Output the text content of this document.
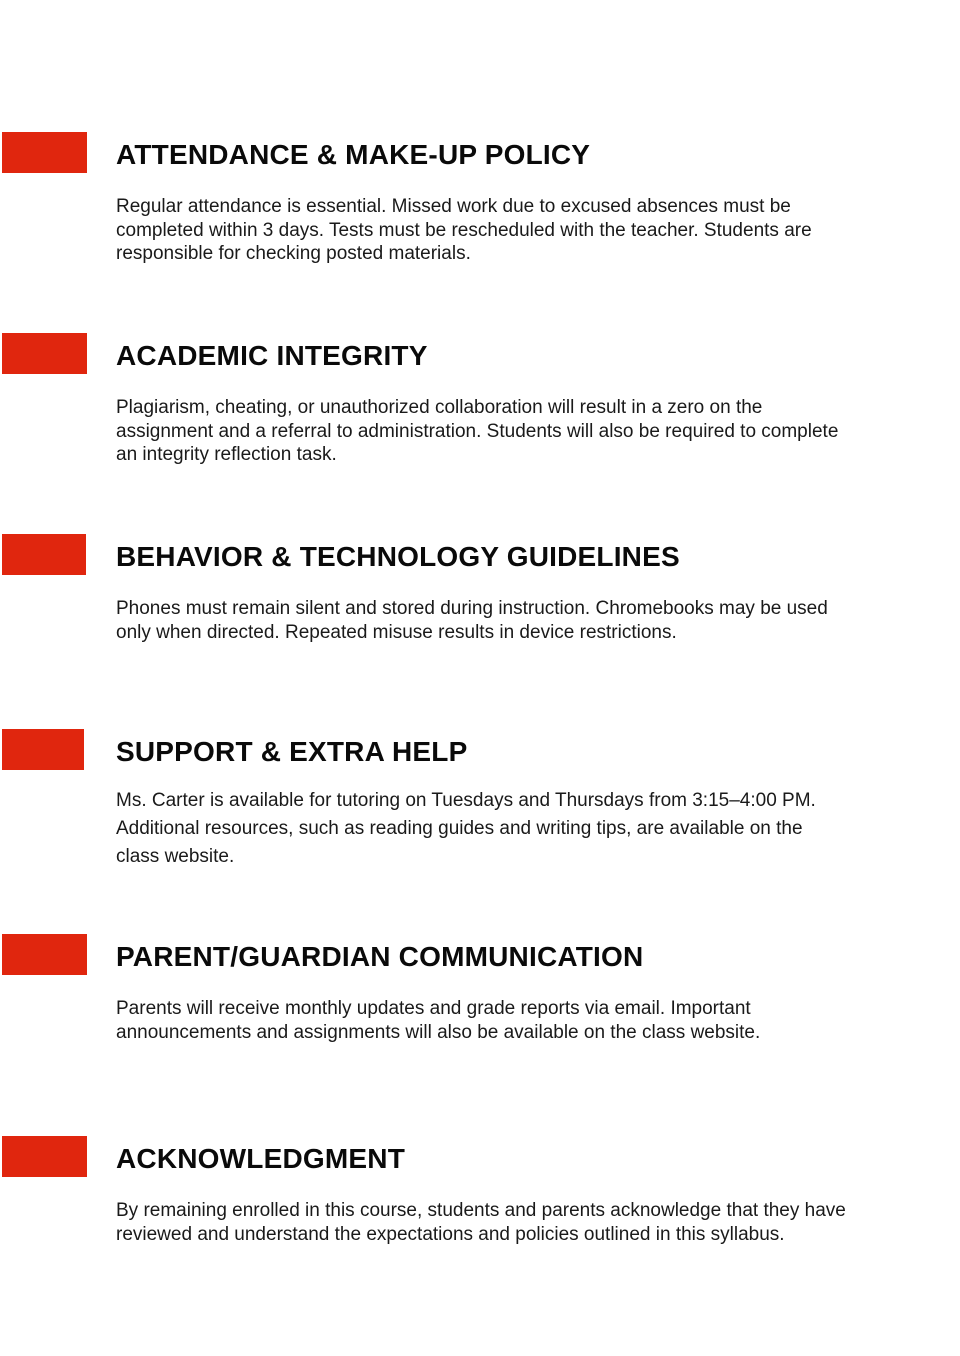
ATTENDANCE & MAKE-UP POLICY

Regular attendance is essential. Missed work due to excused absences must be completed within 3 days. Tests must be rescheduled with the teacher. Students are responsible for checking posted materials.

ACADEMIC INTEGRITY

Plagiarism, cheating, or unauthorized collaboration will result in a zero on the assignment and a referral to administration. Students will also be required to complete an integrity reflection task.

BEHAVIOR & TECHNOLOGY GUIDELINES

Phones must remain silent and stored during instruction. Chromebooks may be used only when directed. Repeated misuse results in device restrictions.

SUPPORT & EXTRA HELP

Ms. Carter is available for tutoring on Tuesdays and Thursdays from 3:15–4:00 PM. Additional resources, such as reading guides and writing tips, are available on the class website.

PARENT/GUARDIAN COMMUNICATION

Parents will receive monthly updates and grade reports via email. Important announcements and assignments will also be available on the class website.

ACKNOWLEDGMENT

By remaining enrolled in this course, students and parents acknowledge that they have reviewed and understand the expectations and policies outlined in this syllabus.
